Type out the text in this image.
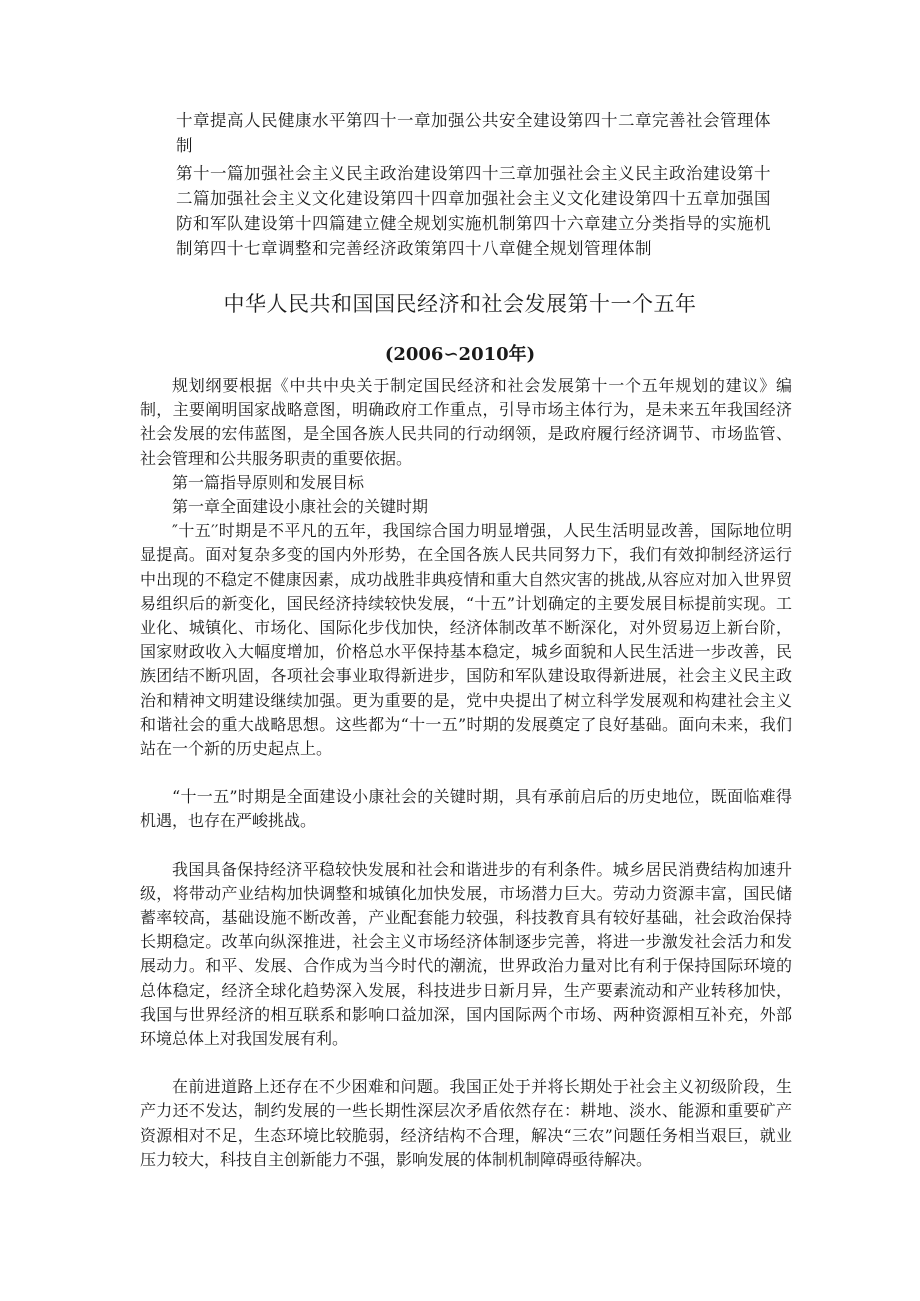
十章提高人民健康水平第四十一章加强公共安全建设第四十二章完善社会管理体制

第十一篇加强社会主义民主政治建设第四十三章加强社会主义民主政治建设第十二篇加强社会主义文化建设第四十四章加强社会主义文化建设第四十五章加强国防和军队建设第十四篇建立健全规划实施机制第四十六章建立分类指导的实施机制第四十七章调整和完善经济政策第四十八章健全规划管理体制

中华人民共和国国民经济和社会发展第十一个五年
(2006∽2010年)

规划纲要根据《中共中央关于制定国民经济和社会发展第十一个五年规划的建议》编制，主要阐明国家战略意图，明确政府工作重点，引导市场主体行为，是未来五年我国经济社会发展的宏伟蓝图，是全国各族人民共同的行动纲领，是政府履行经济调节、市场监管、社会管理和公共服务职责的重要依据。

第一篇指导原则和发展目标

第一章全面建设小康社会的关键时期

″十五′′时期是不平凡的五年，我国综合国力明显增强，人民生活明显改善，国际地位明显提高。面对复杂多变的国内外形势，在全国各族人民共同努力下，我们有效抑制经济运行中出现的不稳定不健康因素，成功战胜非典疫情和重大自然灾害的挑战,从容应对加入世界贸易组织后的新变化，国民经济持续较快发展，“十五”计划确定的主要发展目标提前实现。工业化、城镇化、市场化、国际化步伐加快，经济体制改革不断深化，对外贸易迈上新台阶，国家财政收入大幅度增加，价格总水平保持基本稳定，城乡面貌和人民生活进一步改善，民族团结不断巩固，各项社会事业取得新进步，国防和军队建设取得新进展，社会主义民主政治和精神文明建设继续加强。更为重要的是，党中央提出了树立科学发展观和构建社会主义和谐社会的重大战略思想。这些都为“十一五”时期的发展奠定了良好基础。面向未来，我们站在一个新的历史起点上。

“十一五”时期是全面建设小康社会的关键时期，具有承前启后的历史地位，既面临难得机遇，也存在严峻挑战。

我国具备保持经济平稳较快发展和社会和谐进步的有利条件。城乡居民消费结构加速升级，将带动产业结构加快调整和城镇化加快发展，市场潜力巨大。劳动力资源丰富，国民储蓄率较高，基础设施不断改善，产业配套能力较强，科技教育具有较好基础，社会政治保持长期稳定。改革向纵深推进，社会主义市场经济体制逐步完善，将进一步激发社会活力和发展动力。和平、发展、合作成为当今时代的潮流，世界政治力量对比有利于保持国际环境的总体稳定，经济全球化趋势深入发展，科技进步日新月异，生产要素流动和产业转移加快，我国与世界经济的相互联系和影响口益加深，国内国际两个市场、两种资源相互补充，外部环境总体上对我国发展有利。

在前进道路上还存在不少困难和问题。我国正处于并将长期处于社会主义初级阶段，生产力还不发达，制约发展的一些长期性深层次矛盾依然存在：耕地、淡水、能源和重要矿产资源相对不足，生态环境比较脆弱，经济结构不合理，解决“三农”问题任务相当艰巨，就业压力较大，科技自主创新能力不强，影响发展的体制机制障碍亟待解决。
